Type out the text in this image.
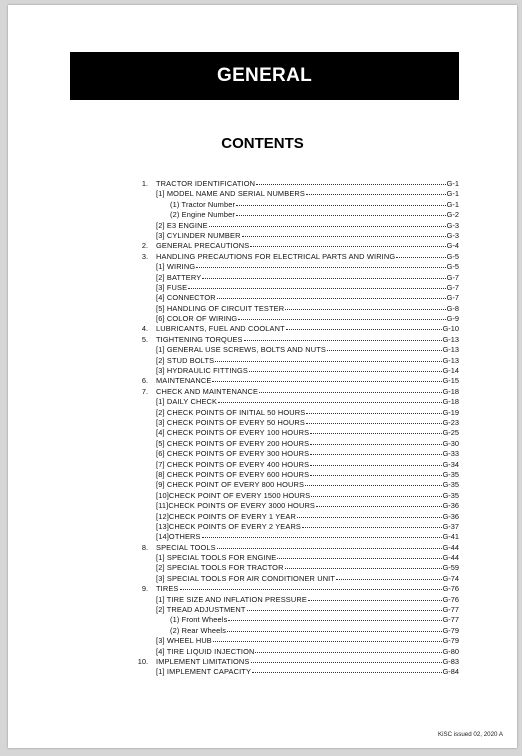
GENERAL
CONTENTS
1.	TRACTOR IDENTIFICATION	G-1
[1] MODEL NAME AND SERIAL NUMBERS	G-1
(1) Tractor Number	G-1
(2) Engine Number	G-2
[2] E3 ENGINE	G-3
[3] CYLINDER NUMBER	G-3
2.	GENERAL PRECAUTIONS	G-4
3.	HANDLING PRECAUTIONS FOR ELECTRICAL PARTS AND WIRING	G-5
[1] WIRING	G-5
[2] BATTERY	G-7
[3] FUSE	G-7
[4] CONNECTOR	G-7
[5] HANDLING OF CIRCUIT TESTER	G-8
[6] COLOR OF WIRING	G-9
4.	LUBRICANTS, FUEL AND COOLANT	G-10
5.	TIGHTENING TORQUES	G-13
[1] GENERAL USE SCREWS, BOLTS AND NUTS	G-13
[2] STUD BOLTS	G-13
[3] HYDRAULIC FITTINGS	G-14
6.	MAINTENANCE	G-15
7.	CHECK AND MAINTENANCE	G-18
[1] DAILY CHECK	G-18
[2] CHECK POINTS OF INITIAL 50 HOURS	G-19
[3] CHECK POINTS OF EVERY 50 HOURS	G-23
[4] CHECK POINTS OF EVERY 100 HOURS	G-25
[5] CHECK POINTS OF EVERY 200 HOURS	G-30
[6] CHECK POINTS OF EVERY 300 HOURS	G-33
[7] CHECK POINTS OF EVERY 400 HOURS	G-34
[8] CHECK POINTS OF EVERY 600 HOURS	G-35
[9] CHECK POINT OF EVERY 800 HOURS	G-35
[10]CHECK POINT OF EVERY 1500 HOURS	G-35
[11]CHECK POINTS OF EVERY 3000 HOURS	G-36
[12]CHECK POINTS OF EVERY 1 YEAR	G-36
[13]CHECK POINTS OF EVERY 2 YEARS	G-37
[14]OTHERS	G-41
8.	SPECIAL TOOLS	G-44
[1] SPECIAL TOOLS FOR ENGINE	G-44
[2] SPECIAL TOOLS FOR TRACTOR	G-59
[3] SPECIAL TOOLS FOR AIR CONDITIONER UNIT	G-74
9.	TIRES	G-76
[1] TIRE SIZE AND INFLATION PRESSURE	G-76
[2] TREAD ADJUSTMENT	G-77
(1) Front Wheels	G-77
(2) Rear Wheels	G-79
[3] WHEEL HUB	G-79
[4] TIRE LIQUID INJECTION	G-80
10.	IMPLEMENT LIMITATIONS	G-83
[1] IMPLEMENT CAPACITY	G-84
KiSC issued 02, 2020 A
